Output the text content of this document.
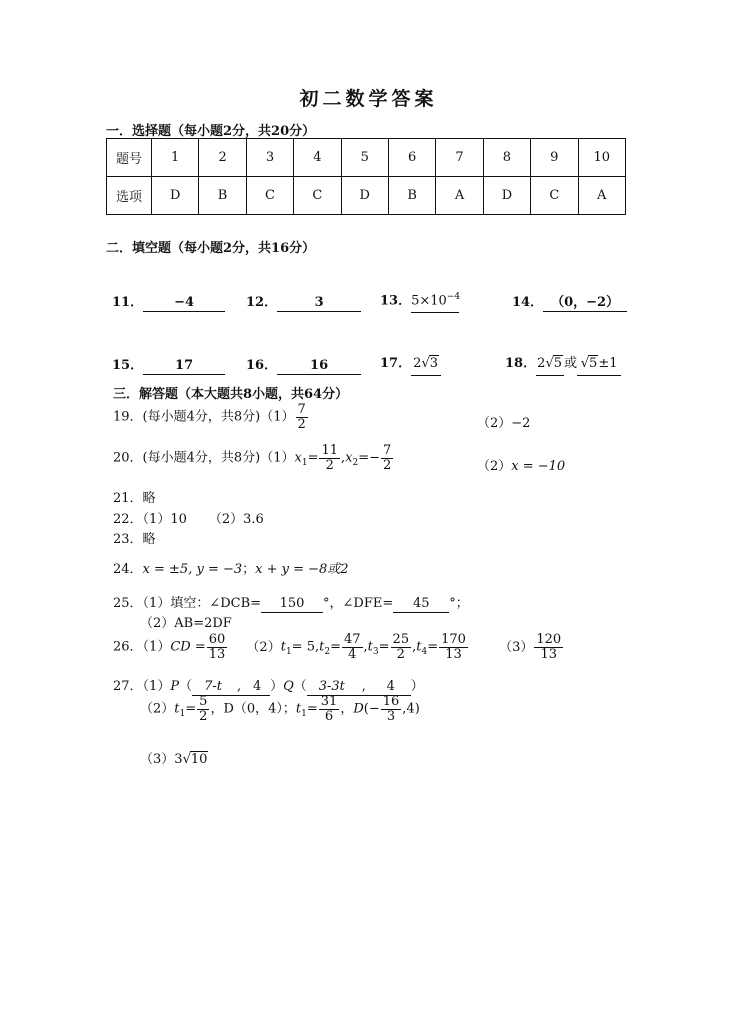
初二数学答案
一．选择题（每小题2分，共20分）
题号	1	2	3	4	5	6	7	8	9	10
选项	D	B	C	C	D	B	A	D	C	A
二．填空题（每小题2分，共16分）
11． −4	12．	3	13．$5\times 10^{-4}$	14． （0，−2）
15． 17	16．	16	17． 2√3	18．2√5 或 √5±1
三．解答题（本大题共8小题，共64分）
19．(每小题4分，共8分)$(1) \frac{7}{2}$	（2）−2
20．(每小题4分，共8分)$(1)x_1= \frac{11}{2} ,x_2=- \frac{7}{2}$	（2）x = −10
21．略
22．（1）10 （2）3.6
23．略
24．x = ±5, y = −3；x + y = −8或2
25．（1）填空：∠DCB= 150 °，∠DFE= 45 °；
（2）AB=2DF
26．$(1)CD = \frac{60}{13} (2)t_1= 5,t_2= \frac{47}{4} ,t_3= \frac{25}{2} ,t_4= \frac{170}{13} (3) \frac{120}{13}$
27．（1）P（ 7-t , 4 ）Q（ 3-3t , 4 ）
$(2)t_1= \frac{5}{2}$ ，D（0，4）；$t_1= \frac{31}{6}$ ，$D(- \frac{16}{3} ,4)$
（3）3√10
